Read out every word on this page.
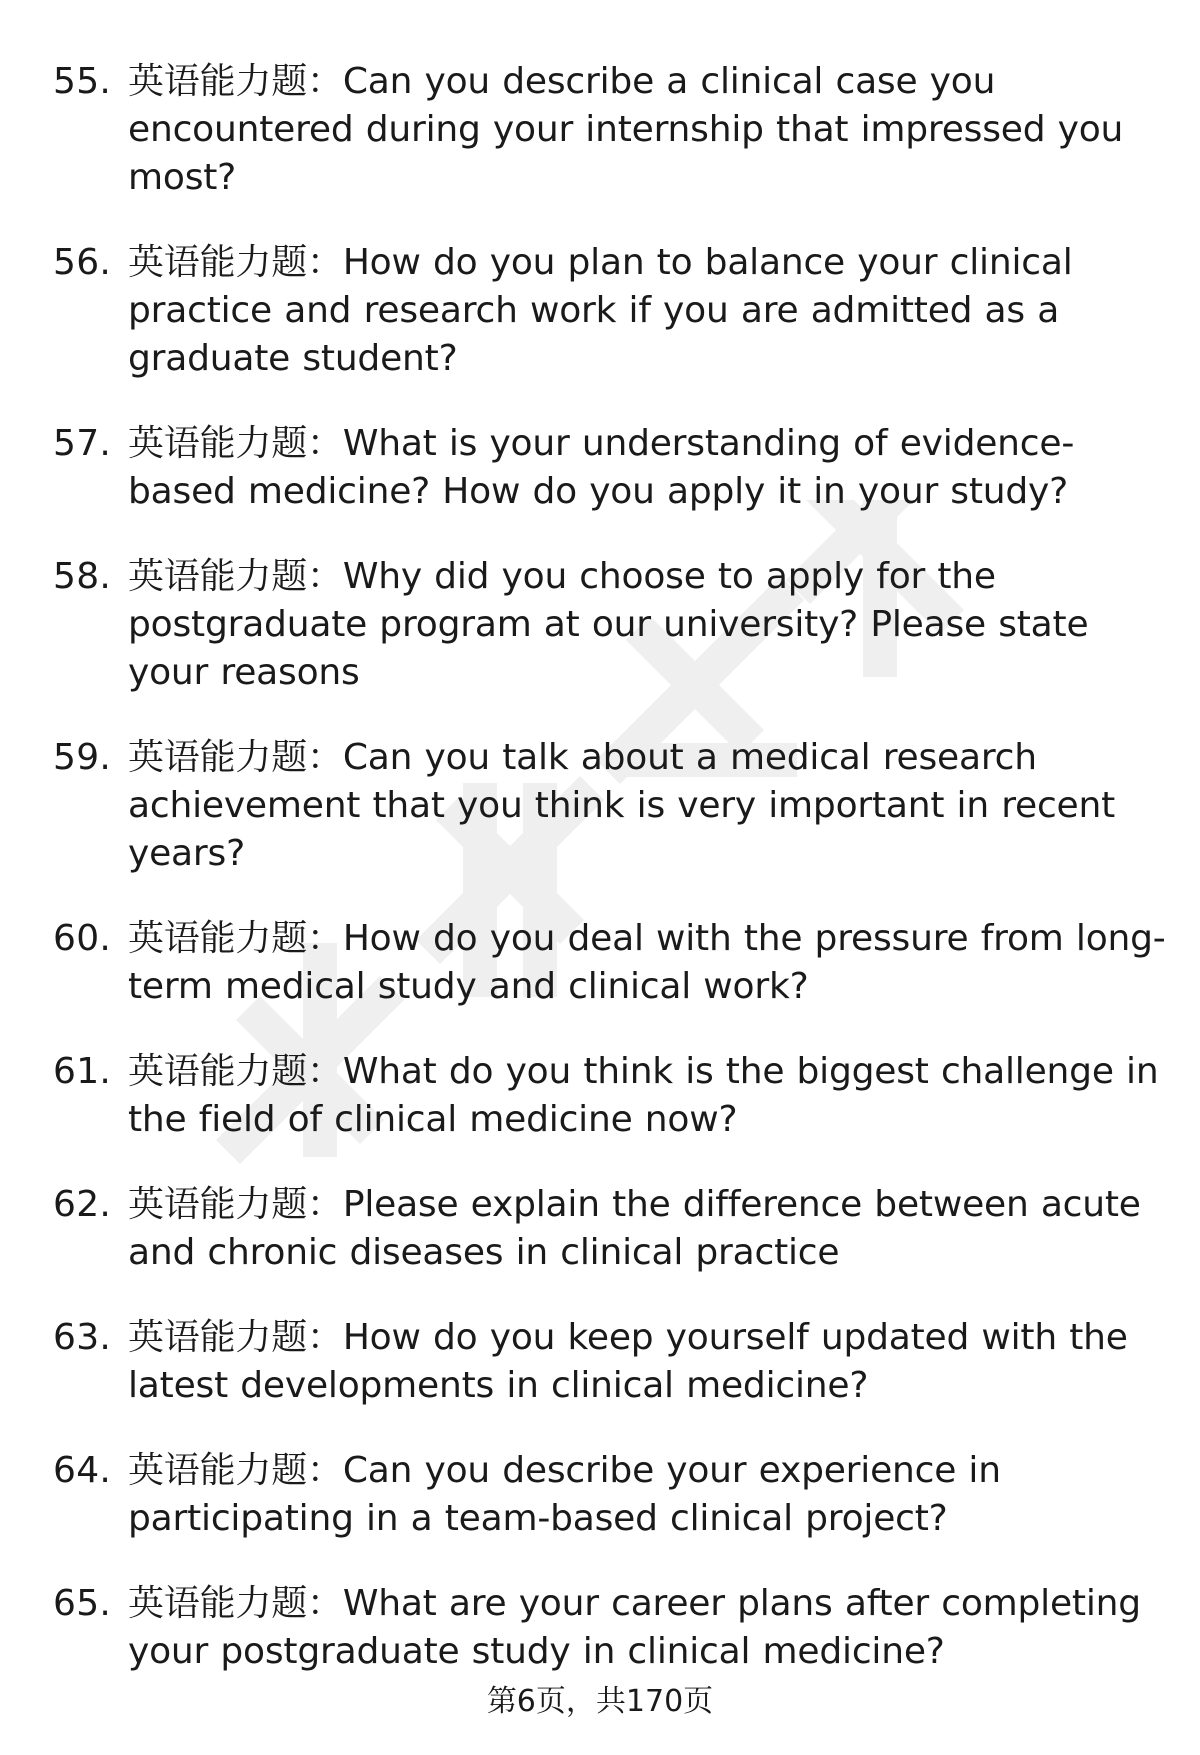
55. 英语能力题：Can you describe a clinical case you encountered during your internship that impressed you most?
56. 英语能力题：How do you plan to balance your clinical practice and research work if you are admitted as a graduate student?
57. 英语能力题：What is your understanding of evidence-based medicine? How do you apply it in your study?
58. 英语能力题：Why did you choose to apply for the postgraduate program at our university? Please state your reasons
59. 英语能力题：Can you talk about a medical research achievement that you think is very important in recent years?
60. 英语能力题：How do you deal with the pressure from long-term medical study and clinical work?
61. 英语能力题：What do you think is the biggest challenge in the field of clinical medicine now?
62. 英语能力题：Please explain the difference between acute and chronic diseases in clinical practice
63. 英语能力题：How do you keep yourself updated with the latest developments in clinical medicine?
64. 英语能力题：Can you describe your experience in participating in a team-based clinical project?
65. 英语能力题：What are your career plans after completing your postgraduate study in clinical medicine?
第6页，共170页
